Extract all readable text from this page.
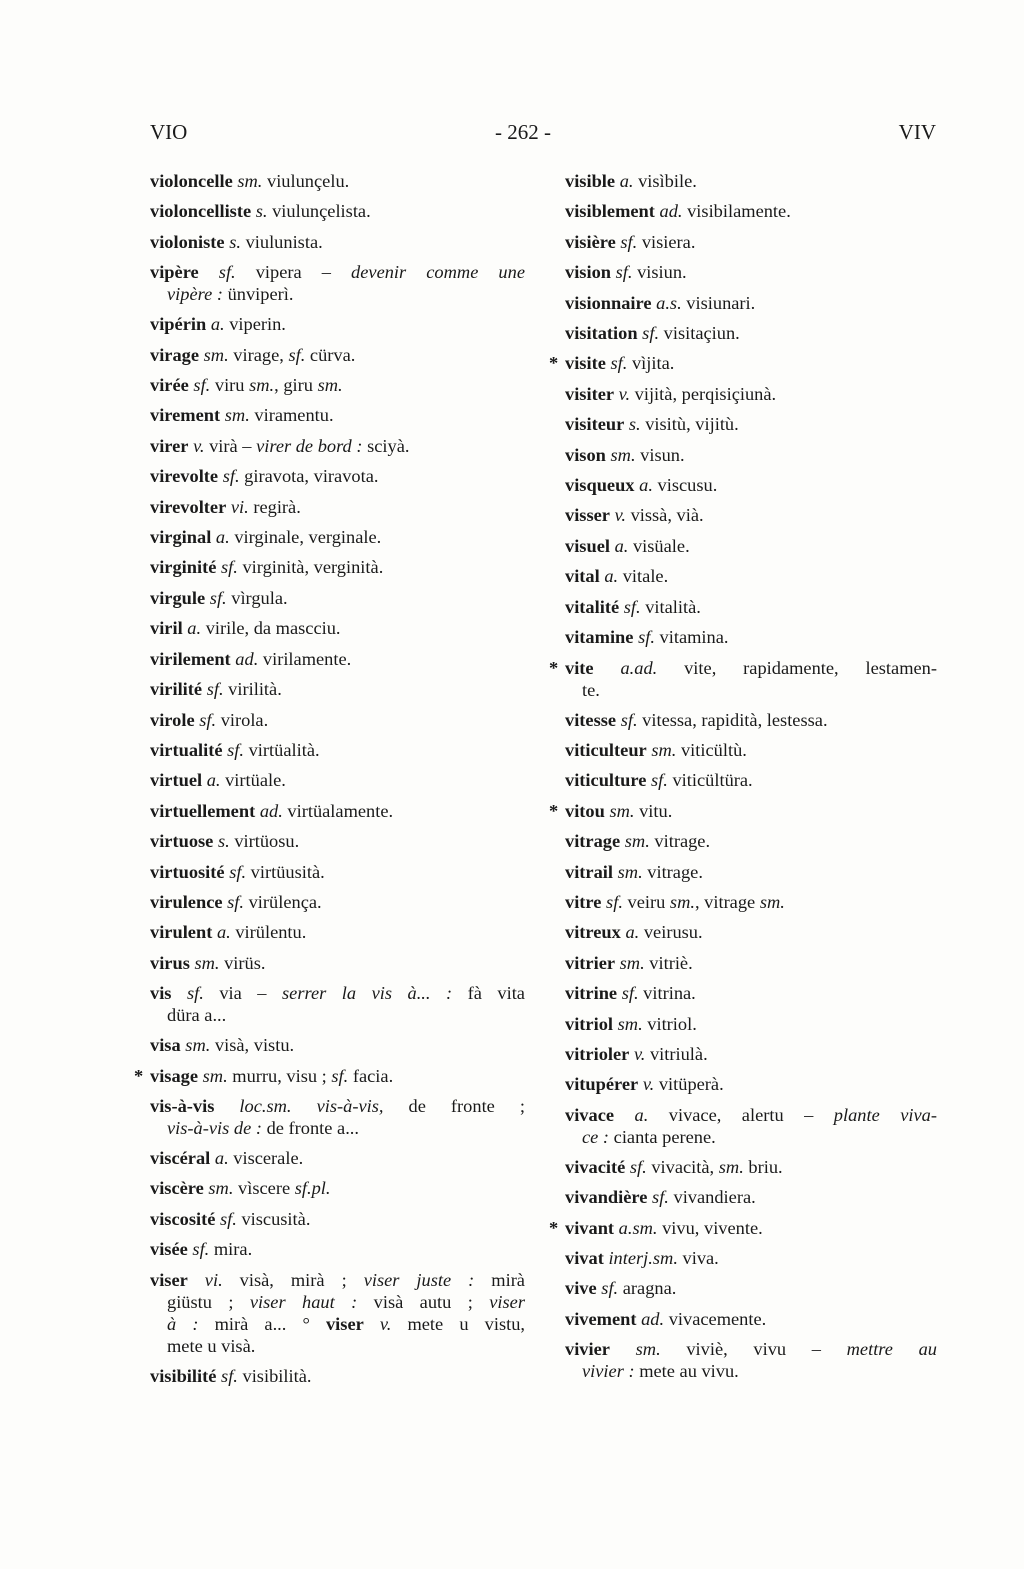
VIO	- 262 -	VIV
violoncelle sm. viulunçelu.
violoncelliste s. viulunçelista.
violoniste s. viulunista.
vipère sf. vipera – devenir comme une
vipère : ünviperì.
vipérin a. viperin.
virage sm. virage, sf. cürva.
virée sf. viru sm., giru sm.
virement sm. viramentu.
virer v. virà – virer de bord : sciyà.
virevolte sf. giravota, viravota.
virevolter vi. regirà.
virginal a. virginale, verginale.
virginité sf. virginità, verginità.
virgule sf. vìrgula.
viril a. virile, da mascciu.
virilement ad. virilamente.
virilité sf. virilità.
virole sf. virola.
virtualité sf. virtüalità.
virtuel a. virtüale.
virtuellement ad. virtüalamente.
virtuose s. virtüosu.
virtuosité sf. virtüusità.
virulence sf. virülença.
virulent a. virülentu.
virus sm. virüs.
vis sf. via – serrer la vis à... : fà vita
düra a...
visa sm. visà, vistu.
* visage sm. murru, visu ; sf. facia.
vis-à-vis loc.sm. vis-à-vis, de fronte ;
vis-à-vis de : de fronte a...
viscéral a. viscerale.
viscère sm. vìscere sf.pl.
viscosité sf. viscusità.
visée sf. mira.
viser vi. visà, mirà ; viser juste : mirà
giüstu ; viser haut : visà autu ; viser
à : mirà a... ° viser v. mete u vistu,
mete u visà.
visibilité sf. visibilità.
visible a. visìbile.
visiblement ad. visibilamente.
visière sf. visiera.
vision sf. visiun.
visionnaire a.s. visiunari.
visitation sf. visitaçiun.
* visite sf. vìjita.
visiter v. vijità, perqisiçiunà.
visiteur s. visitù, vijitù.
vison sm. visun.
visqueux a. viscusu.
visser v. vissà, vià.
visuel a. visüale.
vital a. vitale.
vitalité sf. vitalità.
vitamine sf. vitamina.
* vite a.ad. vite, rapidamente, lestamen-
te.
vitesse sf. vitessa, rapidità, lestessa.
viticulteur sm. viticültù.
viticulture sf. viticültüra.
* vitou sm. vitu.
vitrage sm. vitrage.
vitrail sm. vitrage.
vitre sf. veiru sm., vitrage sm.
vitreux a. veirusu.
vitrier sm. vitriè.
vitrine sf. vitrina.
vitriol sm. vitriol.
vitrioler v. vitriulà.
vitupérer v. vitüperà.
vivace a. vivace, alertu – plante viva-
ce : cianta perene.
vivacité sf. vivacità, sm. briu.
vivandière sf. vivandiera.
* vivant a.sm. vivu, vivente.
vivat interj.sm. viva.
vive sf. aragna.
vivement ad. vivacemente.
vivier sm. viviè, vivu – mettre au
vivier : mete au vivu.
